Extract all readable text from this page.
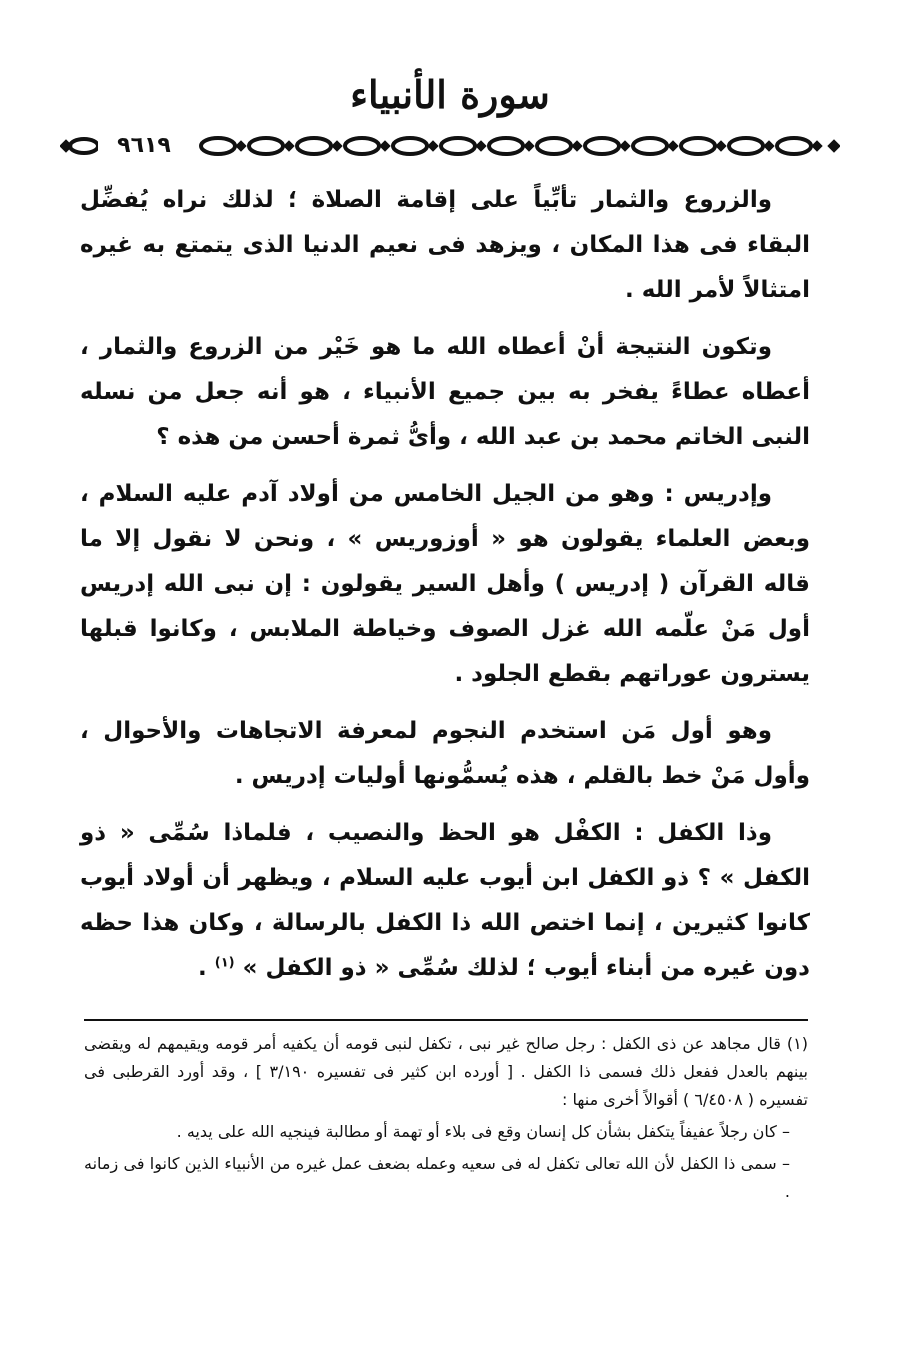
سورة الأنبياء
٩٦١٩

والزروع والثمار تأبِّياً على إقامة الصلاة ؛ لذلك نراه يُفضِّل البقاء فى هذا المكان ، ويزهد فى نعيم الدنيا الذى يتمتع به غيره امتثالاً لأمر الله .

وتكون النتيجة أنْ أعطاه الله ما هو خَيْر من الزروع والثمار ، أعطاه عطاءً يفخر به بين جميع الأنبياء ، هو أنه جعل من نسله النبى الخاتم محمد بن عبد الله ، وأىُّ ثمرة أحسن من هذه ؟

وإدريس : وهو من الجيل الخامس من أولاد آدم عليه السلام ، وبعض العلماء يقولون هو « أوزوريس » ، ونحن لا نقول إلا ما قاله القرآن ( إدريس ) وأهل السير يقولون : إن نبى الله إدريس أول مَنْ علّمه الله غزل الصوف وخياطة الملابس ، وكانوا قبلها يسترون عوراتهم بقطع الجلود .

وهو أول مَن استخدم النجوم لمعرفة الاتجاهات والأحوال ، وأول مَنْ خط بالقلم ، هذه يُسمُّونها أوليات إدريس .

وذا الكفل : الكفْل هو الحظ والنصيب ، فلماذا سُمِّى « ذو الكفل » ؟ ذو الكفل ابن أيوب عليه السلام ، ويظهر أن أولاد أيوب كانوا كثيرين ، إنما اختص الله ذا الكفل بالرسالة ، وكان هذا حظه دون غيره من أبناء أيوب ؛ لذلك سُمِّى « ذو الكفل » $^{(١)}$ .

(١) قال مجاهد عن ذى الكفل : رجل صالح غير نبى ، تكفل لنبى قومه أن يكفيه أمر قومه ويقيمهم له ويقضى بينهم بالعدل ففعل ذلك فسمى ذا الكفل . [ أورده ابن كثير فى تفسيره ٣/١٩٠ ] ، وقد أورد القرطبى فى تفسيره ( ٦/٤٥٠٨ ) أقوالاً أخرى منها :

– كان رجلاً عفيفاً يتكفل بشأن كل إنسان وقع فى بلاء أو تهمة أو مطالبة فينجيه الله على يديه .

– سمى ذا الكفل لأن الله تعالى تكفل له فى سعيه وعمله بضعف عمل غيره من الأنبياء الذين كانوا فى زمانه .
